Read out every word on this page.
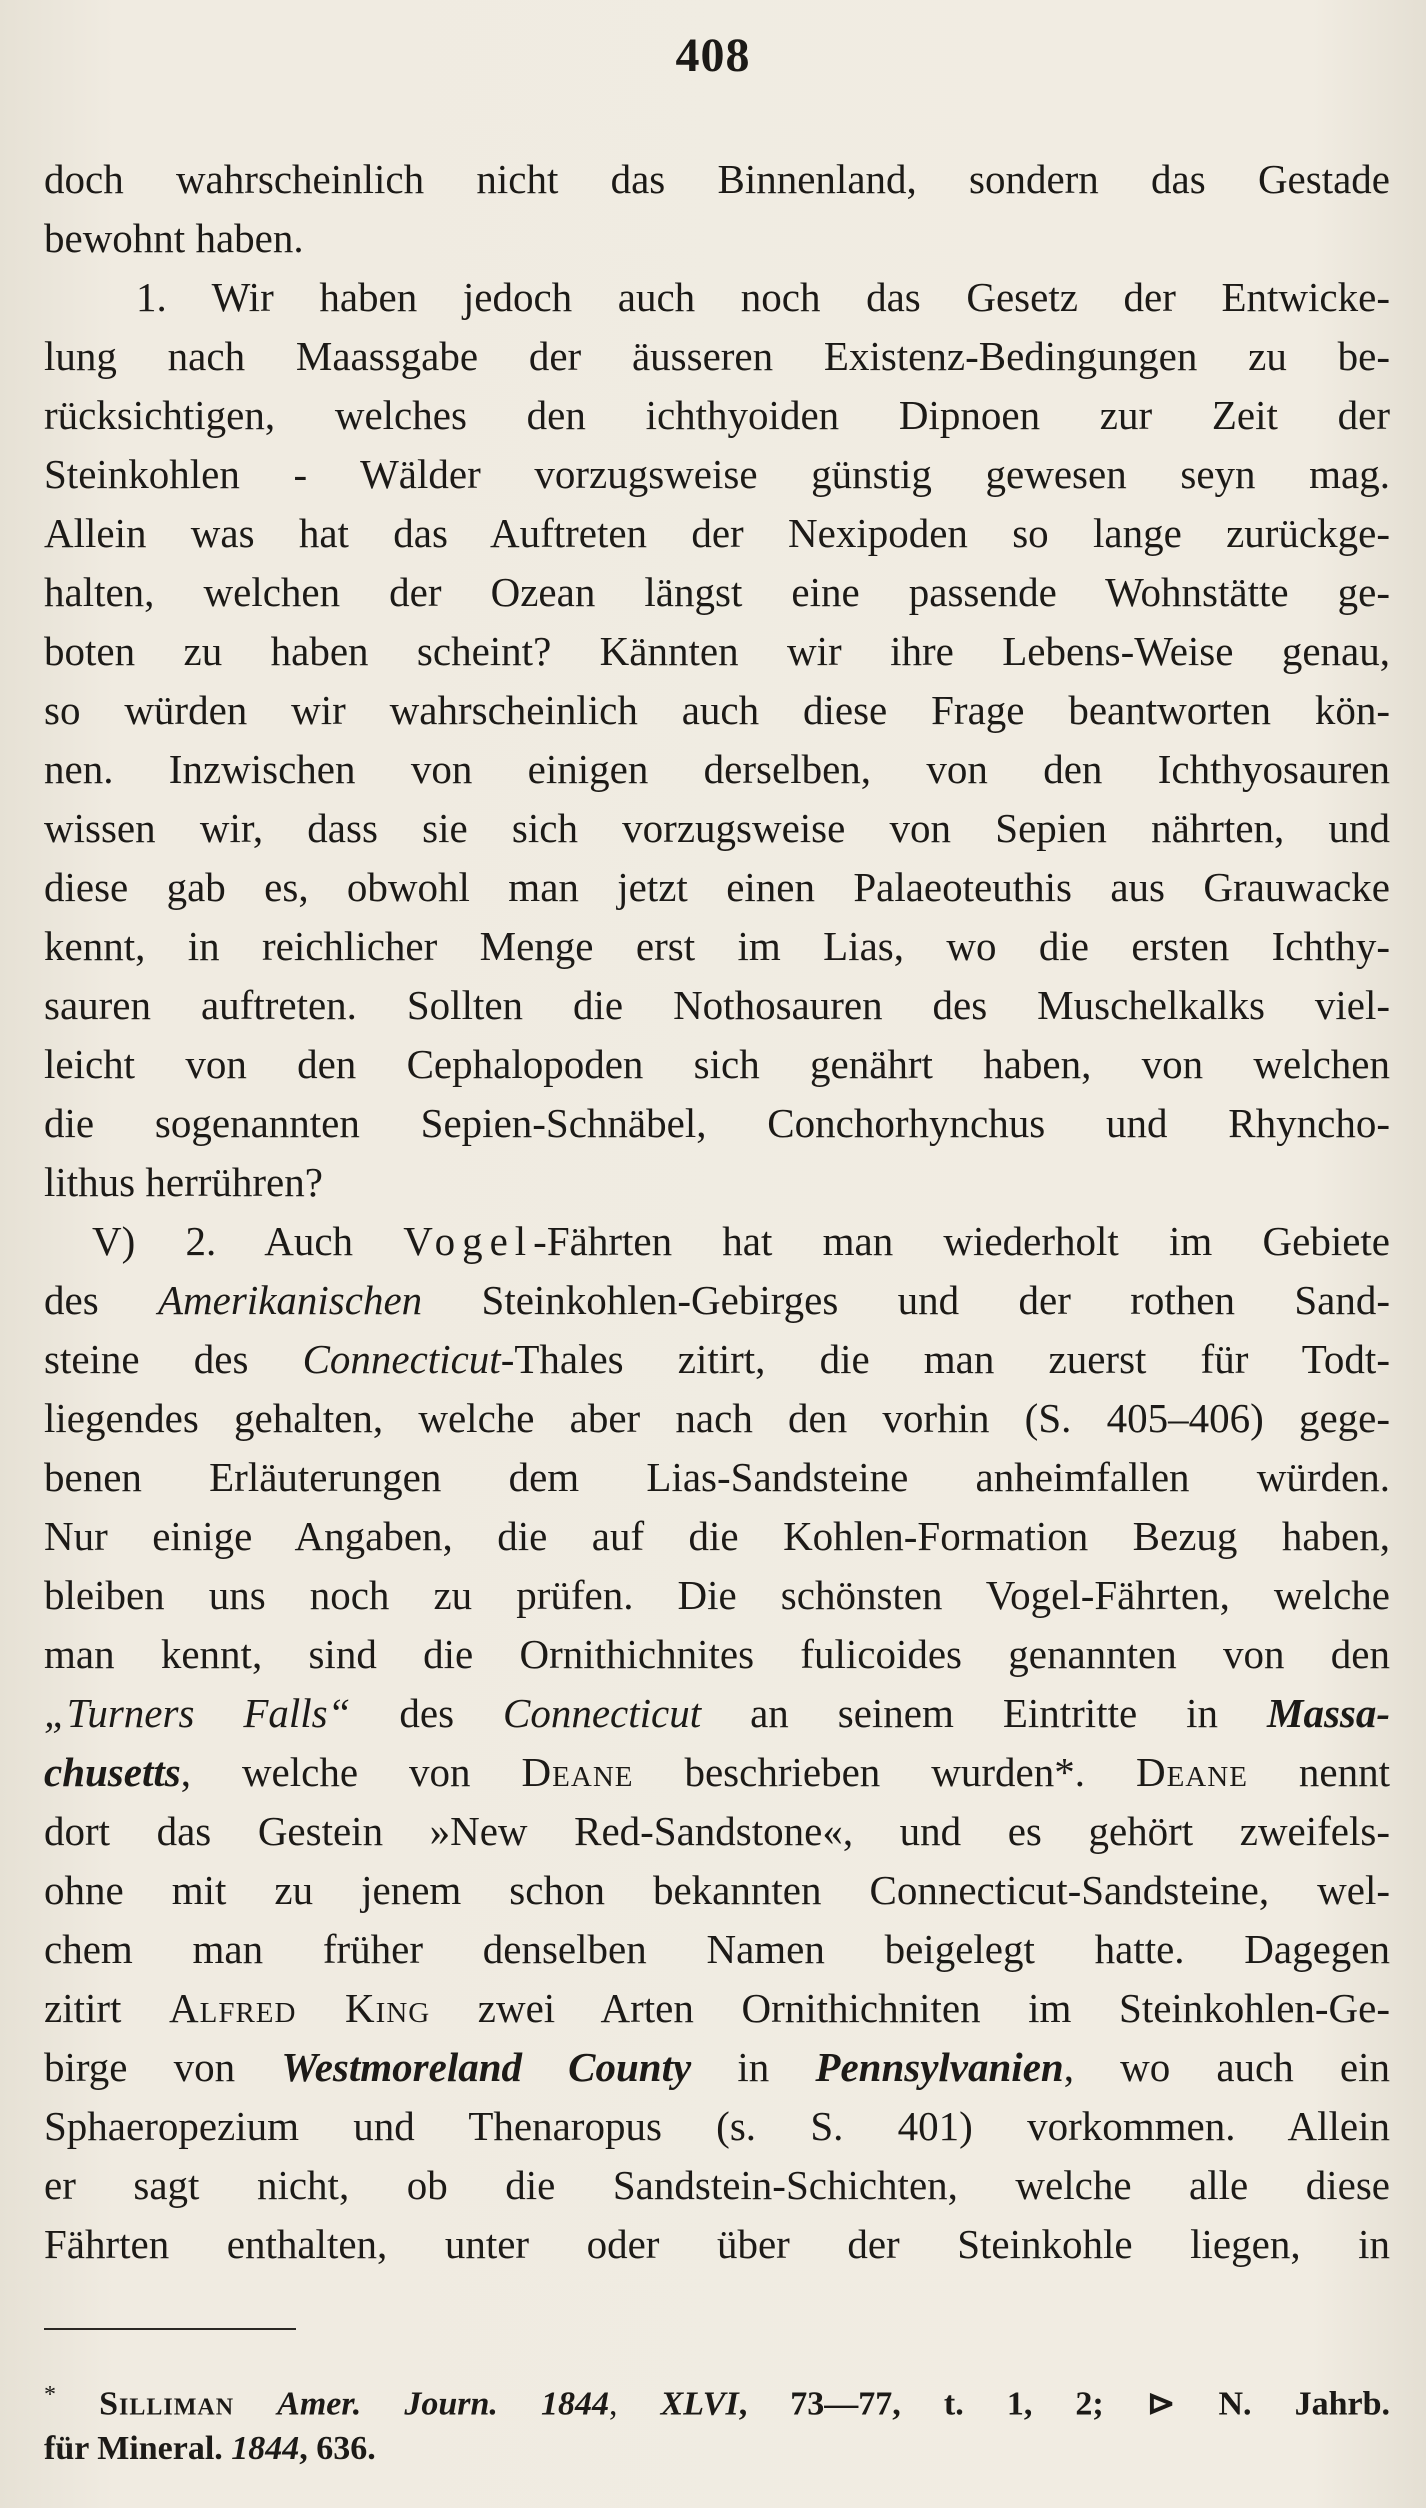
408
doch wahrscheinlich nicht das Binnenland, sondern das Gestade
bewohnt haben.
1. Wir haben jedoch auch noch das Gesetz der Entwicke-
lung nach Maassgabe der äusseren Existenz-Bedingungen zu be-
rücksichtigen, welches den ichthyoiden Dipnoen zur Zeit der
Steinkohlen - Wälder vorzugsweise günstig gewesen seyn mag.
Allein was hat das Auftreten der Nexipoden so lange zurückge-
halten, welchen der Ozean längst eine passende Wohnstätte ge-
boten zu haben scheint? Kännten wir ihre Lebens-Weise genau,
so würden wir wahrscheinlich auch diese Frage beantworten kön-
nen. Inzwischen von einigen derselben, von den Ichthyosauren
wissen wir, dass sie sich vorzugsweise von Sepien nährten, und
diese gab es, obwohl man jetzt einen Palaeoteuthis aus Grauwacke
kennt, in reichlicher Menge erst im Lias, wo die ersten Ichthy-
sauren auftreten. Sollten die Nothosauren des Muschelkalks viel-
leicht von den Cephalopoden sich genährt haben, von welchen
die sogenannten Sepien-Schnäbel, Conchorhynchus und Rhyncho-
lithus herrühren?
V) 2. Auch Vogel-Fährten hat man wiederholt im Gebiete
des Amerikanischen Steinkohlen-Gebirges und der rothen Sand-
steine des Connecticut-Thales zitirt, die man zuerst für Todt-
liegendes gehalten, welche aber nach den vorhin (S. 405–406) gege-
benen Erläuterungen dem Lias-Sandsteine anheimfallen würden.
Nur einige Angaben, die auf die Kohlen-Formation Bezug haben,
bleiben uns noch zu prüfen. Die schönsten Vogel-Fährten, welche
man kennt, sind die Ornithichnites fulicoides genannten von den
„Turners Falls“ des Connecticut an seinem Eintritte in Massa-
chusetts, welche von Deane beschrieben wurden*. Deane nennt
dort das Gestein »New Red-Sandstone«, und es gehört zweifels-
ohne mit zu jenem schon bekannten Connecticut-Sandsteine, wel-
chem man früher denselben Namen beigelegt hatte. Dagegen
zitirt Alfred King zwei Arten Ornithichniten im Steinkohlen-Ge-
birge von Westmoreland County in Pennsylvanien, wo auch ein
Sphaeropezium und Thenaropus (s. S. 401) vorkommen. Allein
er sagt nicht, ob die Sandstein-Schichten, welche alle diese
Fährten enthalten, unter oder über der Steinkohle liegen, in
* Silliman Amer. Journ. 1844, XLVI, 73—77, t. 1, 2; ⊳ N. Jahrb.
für Mineral. 1844, 636.
